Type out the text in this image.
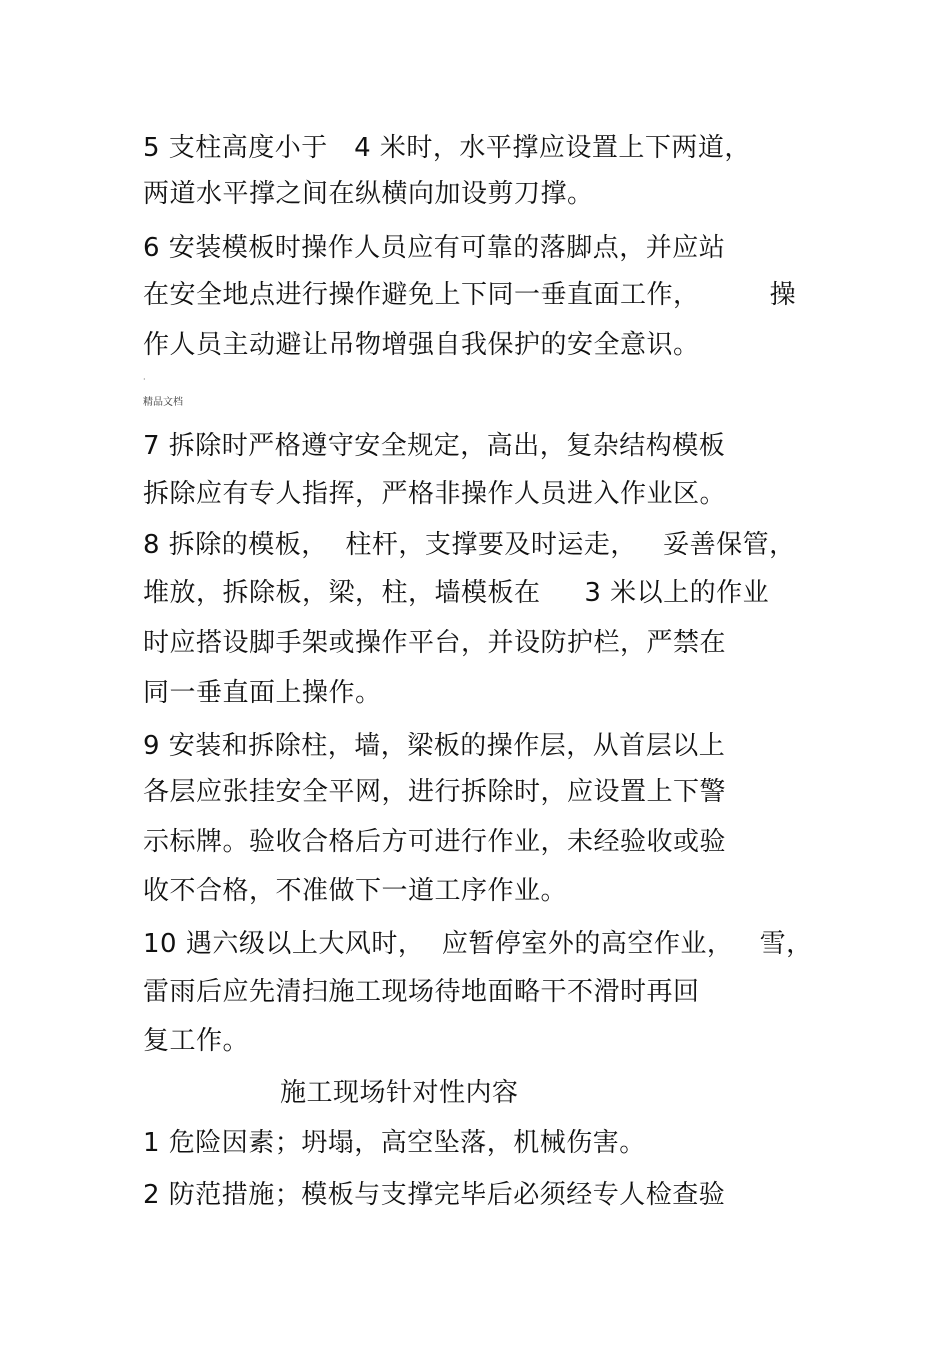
5 支柱高度小于   4 米时，水平撑应设置上下两道，
两道水平撑之间在纵横向加设剪刀撑。
6 安装模板时操作人员应有可靠的落脚点，并应站
在安全地点进行操作避免上下同一垂直面工作，        操
作人员主动避让吊物增强自我保护的安全意识。
·
精品文档
7 拆除时严格遵守安全规定，高出，复杂结构模板
拆除应有专人指挥，严格非操作人员进入作业区。
8 拆除的模板，  柱杆，支撑要及时运走，   妥善保管，
堆放，拆除板，梁，柱，墙模板在     3 米以上的作业
时应搭设脚手架或操作平台，并设防护栏，严禁在
同一垂直面上操作。
9 安装和拆除柱，墙，梁板的操作层，从首层以上
各层应张挂安全平网，进行拆除时，应设置上下警
示标牌。验收合格后方可进行作业，未经验收或验
收不合格，不准做下一道工序作业。
10 遇六级以上大风时，  应暂停室外的高空作业，   雪，
雷雨后应先清扫施工现场待地面略干不滑时再回
复工作。
施工现场针对性内容
1 危险因素；坍塌，高空坠落，机械伤害。
2 防范措施；模板与支撑完毕后必须经专人检查验
